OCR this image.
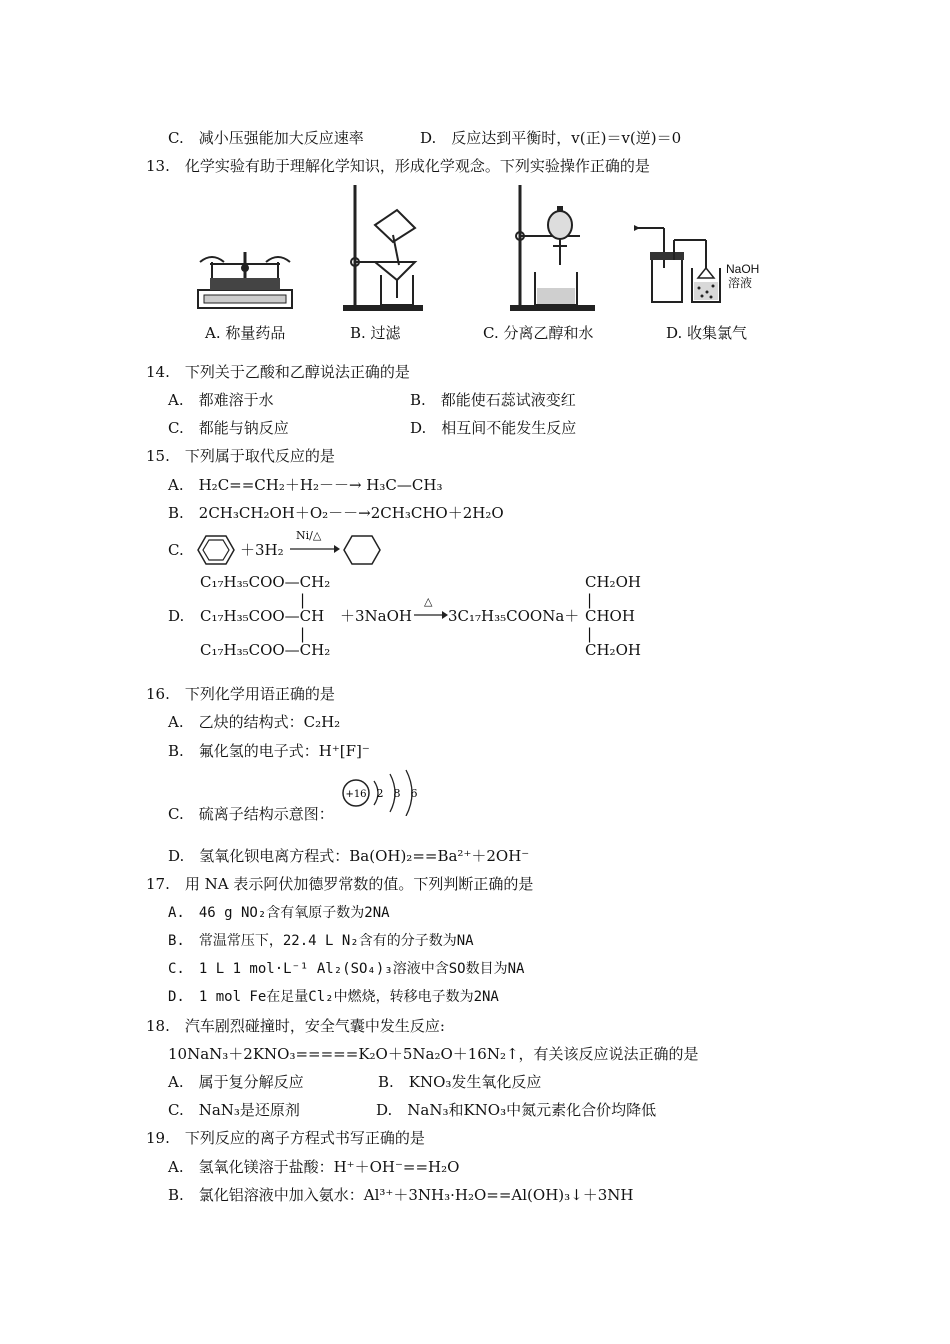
C.　减小压强能加大反应速率	D.　反应达到平衡时，v(正)＝v(逆)＝0
13.　化学实验有助于理解化学知识，形成化学观念。下列实验操作正确的是
A. 称量药品	B. 过滤	C. 分离乙醇和水
NaOH
溶液
D. 收集氯气
14.　下列关于乙酸和乙醇说法正确的是
A.　都难溶于水	B.　都能使石蕊试液变红
C.　都能与钠反应	D.　相互间不能发生反应
15.　下列属于取代反应的是
A.　H₂C==CH₂＋H₂－－→ H₃C—CH₃
B.　2CH₃CH₂OH＋O₂－－→2CH₃CHO＋2H₂O
C.	＋3H₂
Ni/△
D.
C₁₇H₃₅COO—CH₂
C₁₇H₃₅COO—CH
C₁₇H₃₅COO—CH₂
|
|
＋3NaOH
△
→ 3C₁₇H₃₅COONa＋
CH₂OH
CHOH
CH₂OH
|
|
16.　下列化学用语正确的是
A.　乙炔的结构式：C₂H₂
B.　氟化氢的电子式：H⁺[F]⁻
+16 2 8 6
C.　硫离子结构示意图：
D.　氢氧化钡电离方程式：Ba(OH)₂==Ba²⁺＋2OH⁻
17.　用 NA 表示阿伏加德罗常数的值。下列判断正确的是
A.　46 g NO₂含有氧原子数为2NA
B.　常温常压下，22.4 L N₂含有的分子数为NA
C.　1 L 1 mol·L⁻¹ Al₂(SO₄)₃溶液中含SO数目为NA
D.　1 mol Fe在足量Cl₂中燃烧，转移电子数为2NA
18.　汽车剧烈碰撞时，安全气囊中发生反应:
10NaN₃＋2KNO₃=====K₂O＋5Na₂O＋16N₂↑，有关该反应说法正确的是
A.　属于复分解反应	B.　KNO₃发生氧化反应
C.　NaN₃是还原剂	D.　NaN₃和KNO₃中氮元素化合价均降低
19.　下列反应的离子方程式书写正确的是
A.　氢氧化镁溶于盐酸：H⁺＋OH⁻==H₂O
B.　氯化铝溶液中加入氨水：Al³⁺＋3NH₃·H₂O==Al(OH)₃↓＋3NH
